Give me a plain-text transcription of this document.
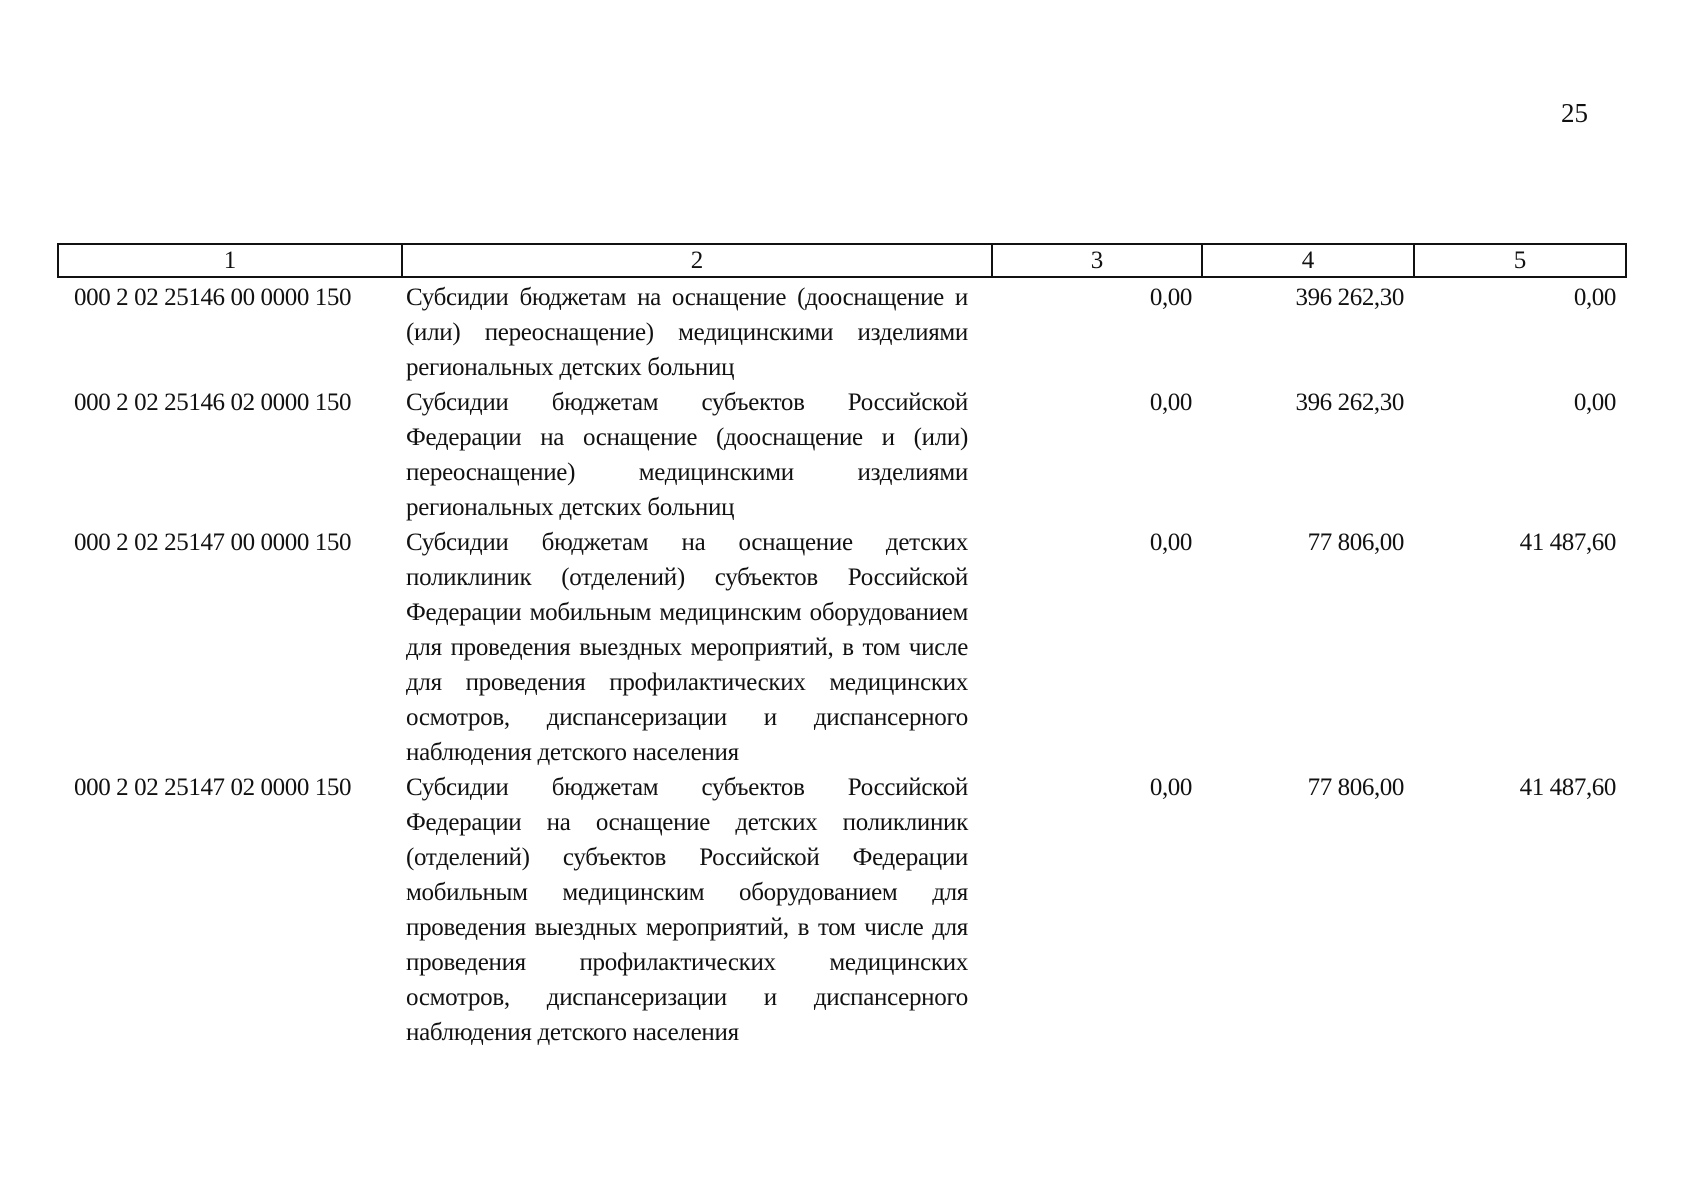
25
1	2	3	4	5
000 2 02 25146 00 0000 150	Субсидии бюджетам на оснащение (дооснащение и (или) переоснащение) медицинскими изделиями региональных детских больниц	0,00	396 262,30	0,00
000 2 02 25146 02 0000 150	Субсидии бюджетам субъектов Российской Федерации на оснащение (дооснащение и (или) переоснащение) медицинскими изделиями региональных детских больниц	0,00	396 262,30	0,00
000 2 02 25147 00 0000 150	Субсидии бюджетам на оснащение детских поликлиник (отделений) субъектов Российской Федерации мобильным медицинским оборудованием для проведения выездных мероприятий, в том числе для проведения профилактических медицинских осмотров, диспансеризации и диспансерного наблюдения детского населения	0,00	77 806,00	41 487,60
000 2 02 25147 02 0000 150	Субсидии бюджетам субъектов Российской Федерации на оснащение детских поликлиник (отделений) субъектов Российской Федерации мобильным медицинским оборудованием для проведения выездных мероприятий, в том числе для проведения профилактических медицинских осмотров, диспансеризации и диспансерного наблюдения детского населения	0,00	77 806,00	41 487,60
